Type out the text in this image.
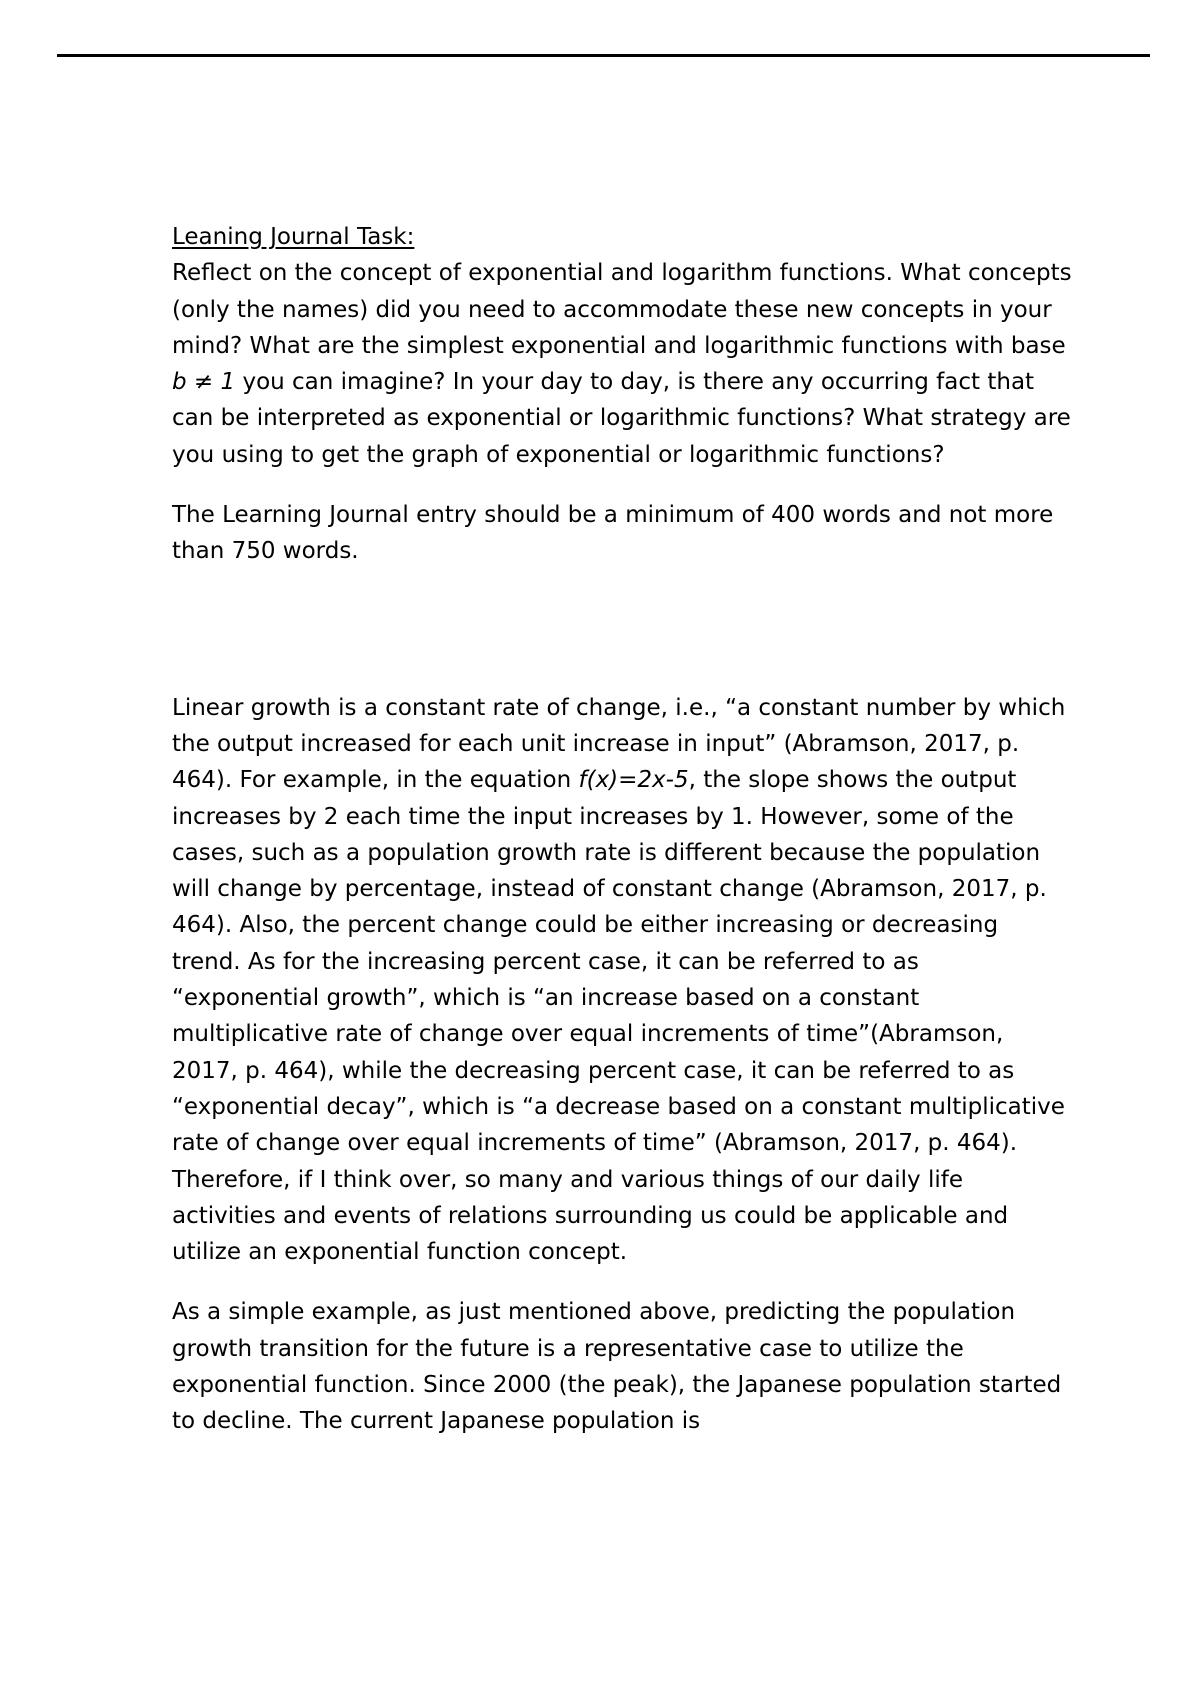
Leaning Journal Task:

Reflect on the concept of exponential and logarithm functions. What concepts (only the names) did you need to accommodate these new concepts in your mind? What are the simplest exponential and logarithmic functions with base b ≠ 1 you can imagine? In your day to day, is there any occurring fact that can be interpreted as exponential or logarithmic functions? What strategy are you using to get the graph of exponential or logarithmic functions?

The Learning Journal entry should be a minimum of 400 words and not more than 750 words.

Linear growth is a constant rate of change, i.e., “a constant number by which the output increased for each unit increase in input” (Abramson, 2017, p. 464). For example, in the equation f(x)=2x-5, the slope shows the output increases by 2 each time the input increases by 1. However, some of the cases, such as a population growth rate is different because the population will change by percentage, instead of constant change (Abramson, 2017, p. 464). Also, the percent change could be either increasing or decreasing trend. As for the increasing percent case, it can be referred to as “exponential growth”, which is “an increase based on a constant multiplicative rate of change over equal increments of time”(Abramson, 2017, p. 464), while the decreasing percent case, it can be referred to as “exponential decay”, which is “a decrease based on a constant multiplicative rate of change over equal increments of time” (Abramson, 2017, p. 464). Therefore, if I think over, so many and various things of our daily life activities and events of relations surrounding us could be applicable and utilize an exponential function concept.

As a simple example, as just mentioned above, predicting the population growth transition for the future is a representative case to utilize the exponential function. Since 2000 (the peak), the Japanese population started to decline. The current Japanese population is
